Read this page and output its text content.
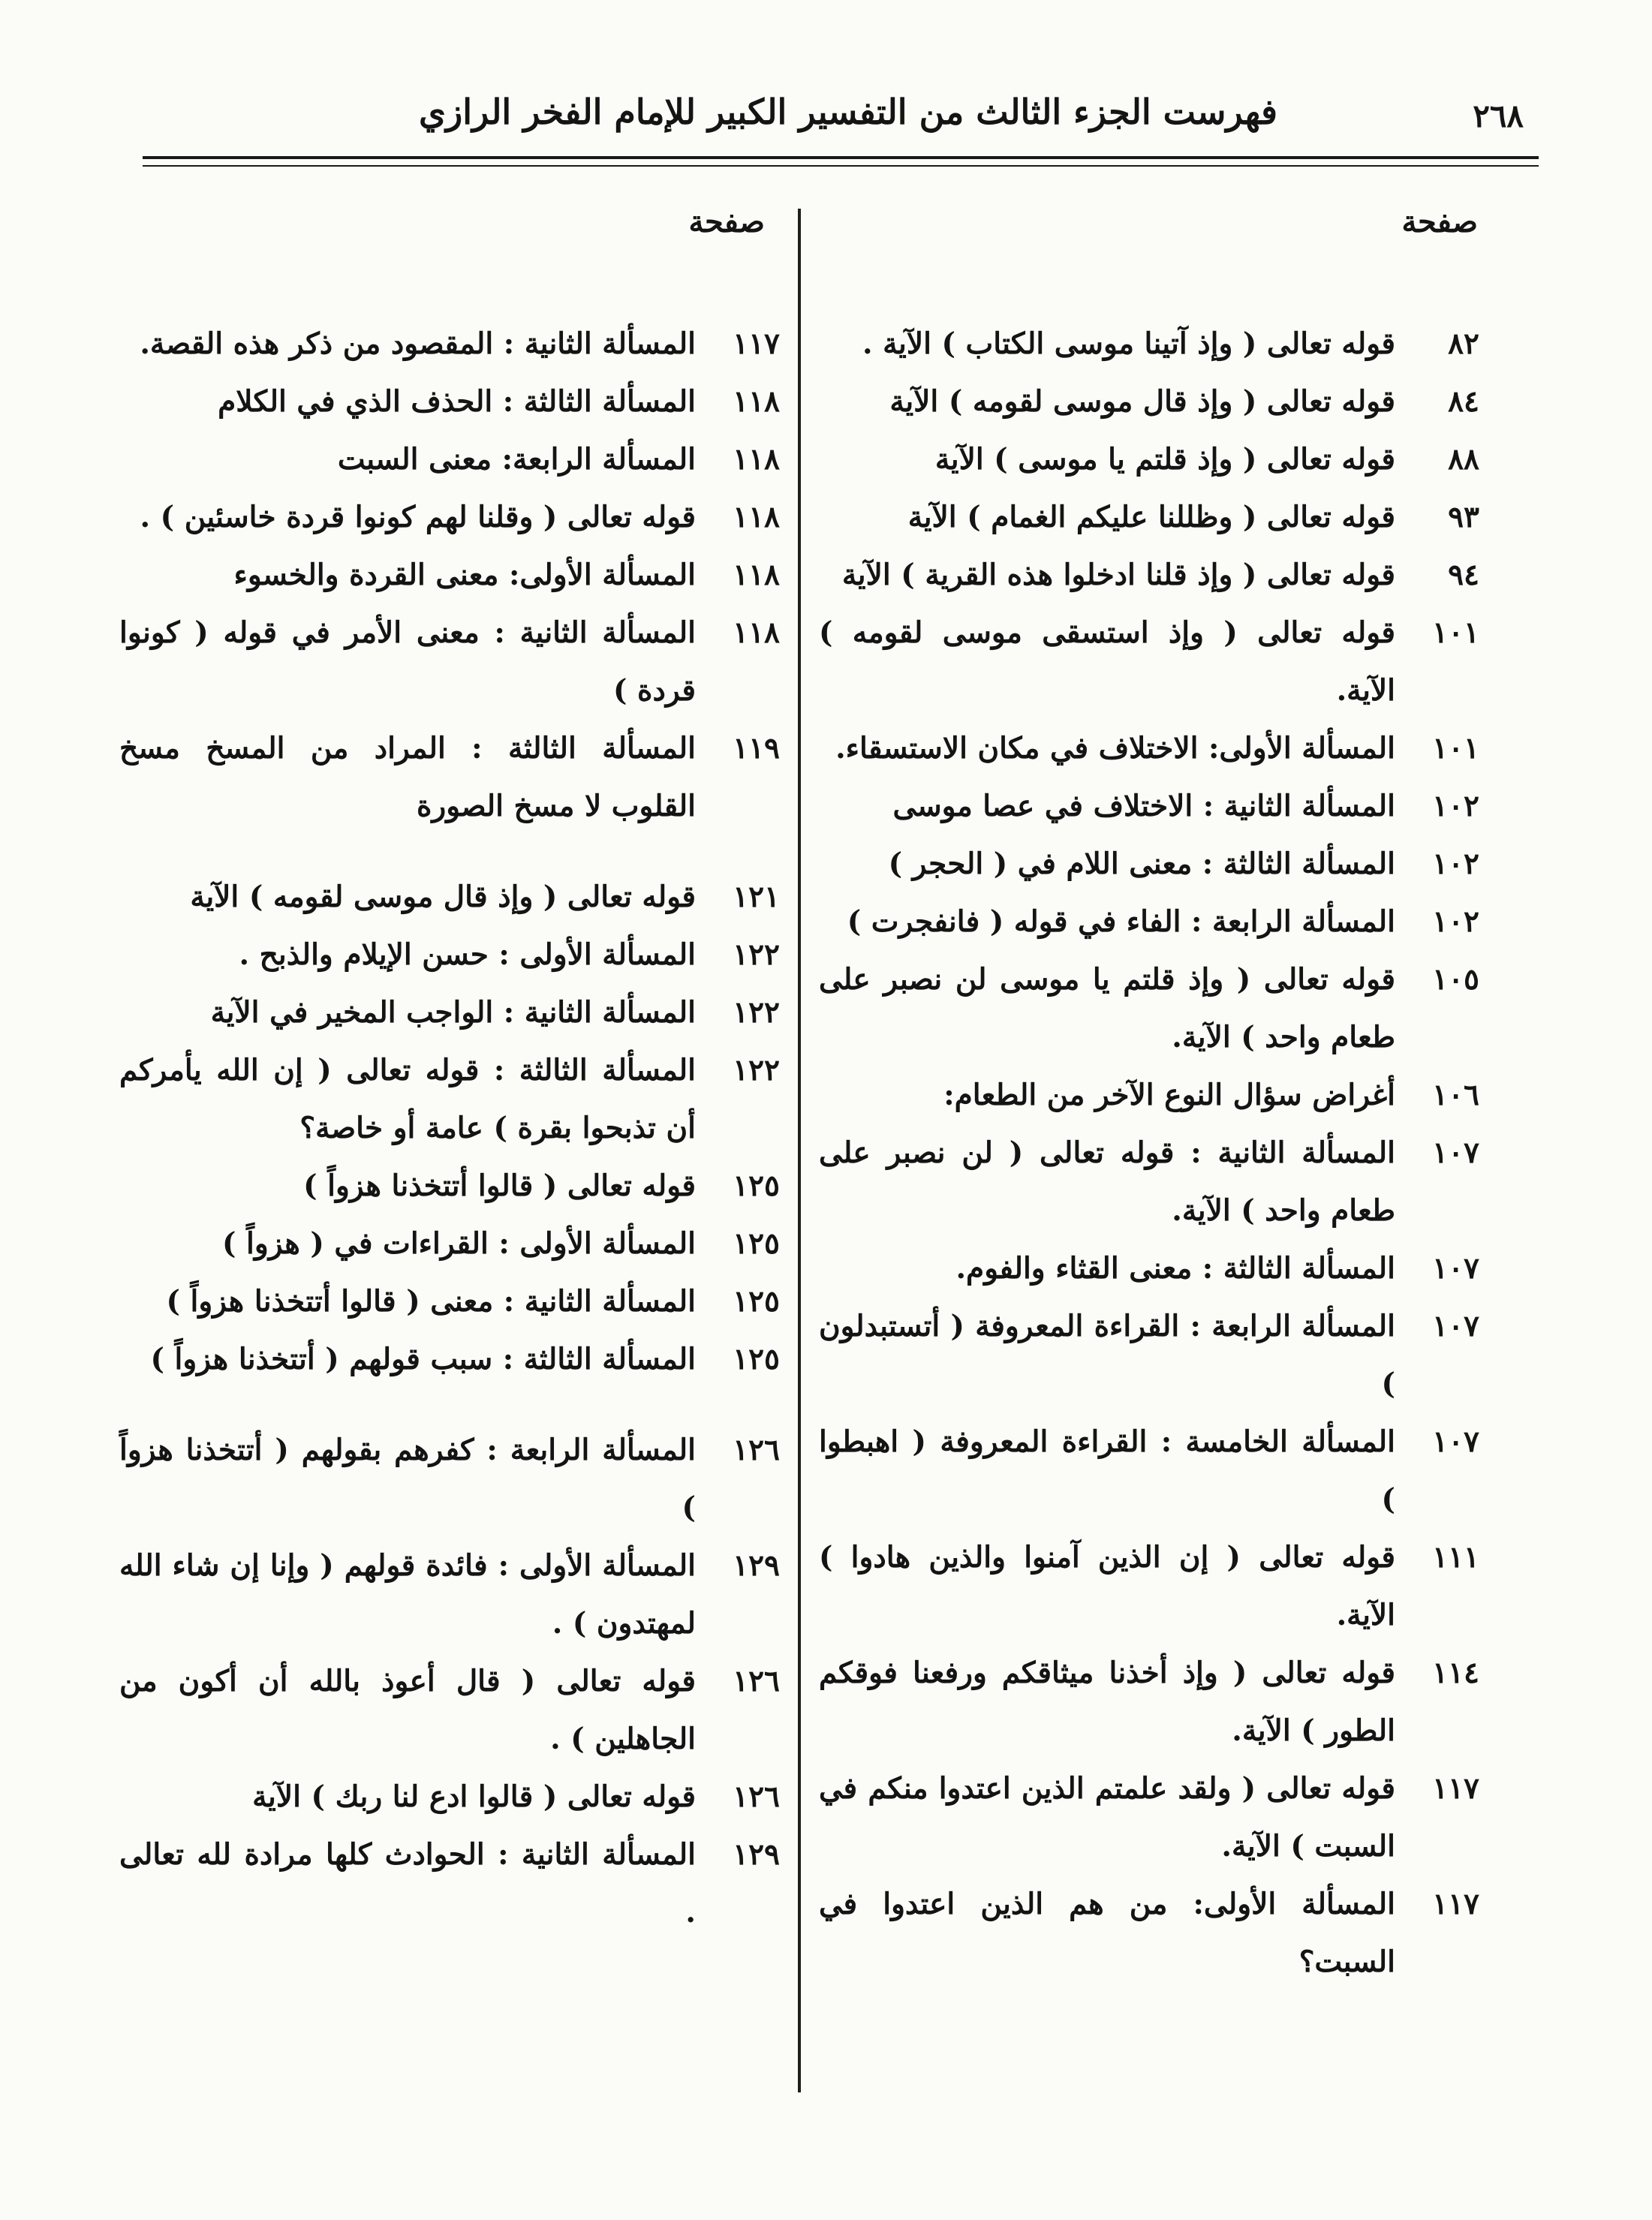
٢٦٨
فهرست الجزء الثالث من التفسير الكبير للإمام الفخر الرازي
صفحة
صفحة
٨٢
قوله تعالى ( وإذ آتينا موسى الكتاب ) الآية .
٨٤
قوله تعالى ( وإذ قال موسى لقومه ) الآية
٨٨
قوله تعالى ( وإذ قلتم يا موسى ) الآية
٩٣
قوله تعالى ( وظللنا عليكم الغمام ) الآية
٩٤
قوله تعالى ( وإذ قلنا ادخلوا هذه القرية ) الآية
١٠١
قوله تعالى ( وإذ استسقى موسى لقومه ) الآية.
١٠١
المسألة الأولى: الاختلاف في مكان الاستسقاء.
١٠٢
المسألة الثانية : الاختلاف في عصا موسى
١٠٢
المسألة الثالثة : معنى اللام في ( الحجر )
١٠٢
المسألة الرابعة : الفاء في قوله ( فانفجرت )
١٠٥
قوله تعالى ( وإذ قلتم يا موسى لن نصبر على طعام واحد ) الآية.
١٠٦
أغراض سؤال النوع الآخر من الطعام:
١٠٧
المسألة الثانية : قوله تعالى ( لن نصبر على طعام واحد ) الآية.
١٠٧
المسألة الثالثة : معنى القثاء والفوم.
١٠٧
المسألة الرابعة : القراءة المعروفة ( أتستبدلون )
١٠٧
المسألة الخامسة : القراءة المعروفة ( اهبطوا )
١١١
قوله تعالى ( إن الذين آمنوا والذين هادوا ) الآية.
١١٤
قوله تعالى ( وإذ أخذنا ميثاقكم ورفعنا فوقكم الطور ) الآية.
١١٧
قوله تعالى ( ولقد علمتم الذين اعتدوا منكم في السبت ) الآية.
١١٧
المسألة الأولى: من هم الذين اعتدوا في السبت؟
١١٧
المسألة الثانية : المقصود من ذكر هذه القصة.
١١٨
المسألة الثالثة : الحذف الذي في الكلام
١١٨
المسألة الرابعة: معنى السبت
١١٨
قوله تعالى ( وقلنا لهم كونوا قردة خاسئين ) .
١١٨
المسألة الأولى: معنى القردة والخسوء
١١٨
المسألة الثانية : معنى الأمر في قوله ( كونوا قردة )
١١٩
المسألة الثالثة : المراد من المسخ مسخ القلوب لا مسخ الصورة
١٢١
قوله تعالى ( وإذ قال موسى لقومه ) الآية
١٢٢
المسألة الأولى : حسن الإيلام والذبح .
١٢٢
المسألة الثانية : الواجب المخير في الآية
١٢٢
المسألة الثالثة : قوله تعالى ( إن الله يأمركم أن تذبحوا بقرة ) عامة أو خاصة؟
١٢٥
قوله تعالى ( قالوا أتتخذنا هزواً )
١٢٥
المسألة الأولى : القراءات في ( هزواً )
١٢٥
المسألة الثانية : معنى ( قالوا أتتخذنا هزواً )
١٢٥
المسألة الثالثة : سبب قولهم ( أتتخذنا هزواً )
١٢٦
المسألة الرابعة : كفرهم بقولهم ( أتتخذنا هزواً )
١٢٩
المسألة الأولى : فائدة قولهم ( وإنا إن شاء الله لمهتدون ) .
١٢٦
قوله تعالى ( قال أعوذ بالله أن أكون من الجاهلين ) .
١٢٦
قوله تعالى ( قالوا ادع لنا ربك ) الآية
١٢٩
المسألة الثانية : الحوادث كلها مرادة لله تعالى .
